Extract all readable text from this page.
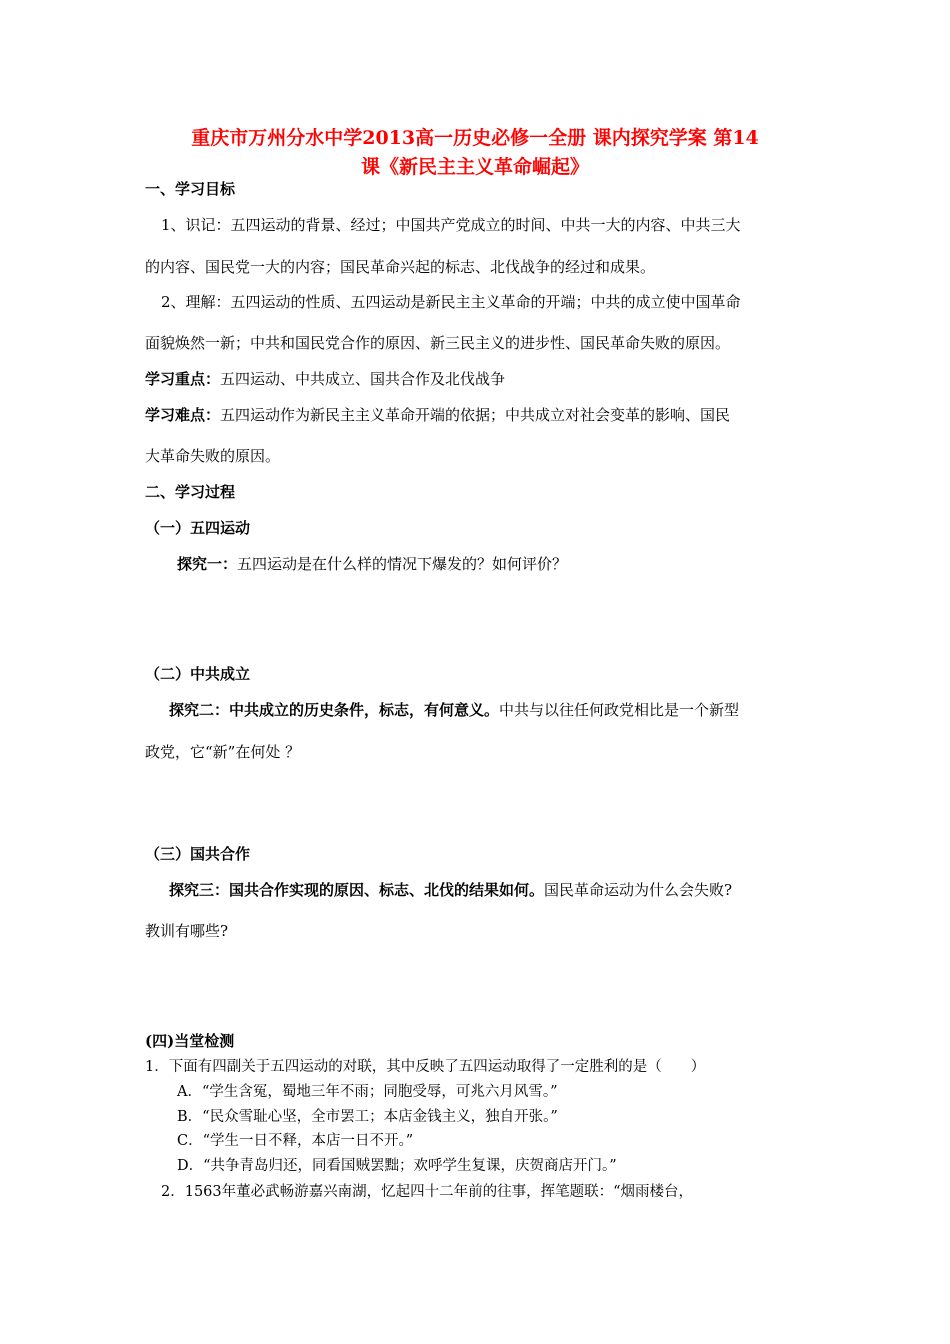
重庆市万州分水中学2013高一历史必修一全册 课内探究学案 第14
课《新民主主义革命崛起》
一、学习目标
1、识记：五四运动的背景、经过；中国共产党成立的时间、中共一大的内容、中共三大
的内容、国民党一大的内容；国民革命兴起的标志、北伐战争的经过和成果。
2、理解：五四运动的性质、五四运动是新民主主义革命的开端；中共的成立使中国革命
面貌焕然一新；中共和国民党合作的原因、新三民主义的进步性、国民革命失败的原因。
学习重点：五四运动、中共成立、国共合作及北伐战争
学习难点：五四运动作为新民主主义革命开端的依据；中共成立对社会变革的影响、国民
大革命失败的原因。
二、学习过程
（一）五四运动
探究一：五四运动是在什么样的情况下爆发的？如何评价？
（二）中共成立
探究二：中共成立的历史条件，标志，有何意义。中共与以往任何政党相比是一个新型
政党，它“新”在何处 ？
（三）国共合作
探究三：国共合作实现的原因、标志、北伐的结果如何。国民革命运动为什么会失败?
教训有哪些?
(四)当堂检测
1．下面有四副关于五四运动的对联，其中反映了五四运动取得了一定胜利的是（　　）
A．“学生含冤，蜀地三年不雨；同胞受辱，可兆六月风雪。”
B．“民众雪耻心坚，全市罢工；本店金钱主义，独自开张。”
C．“学生一日不释，本店一日不开。”
D．“共争青岛归还，同看国贼罢黜；欢呼学生复课，庆贺商店开门。”
2．1563年董必武畅游嘉兴南湖，忆起四十二年前的往事，挥笔题联：“烟雨楼台，
